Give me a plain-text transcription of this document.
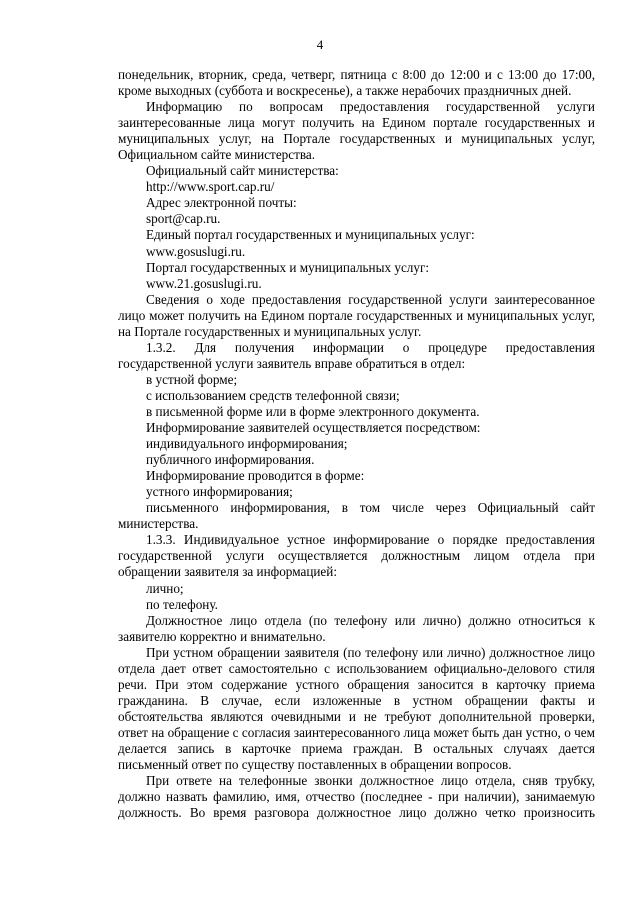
4

понедельник, вторник, среда, четверг, пятница с 8:00 до 12:00 и с 13:00 до 17:00, кроме выходных (суббота и воскресенье), а также нерабочих праздничных дней.

Информацию по вопросам предоставления государственной услуги заинтересованные лица могут получить на Едином портале государственных и муниципальных услуг, на Портале государственных и муниципальных услуг, Официальном сайте министерства.

Официальный сайт министерства:

http://www.sport.cap.ru/

Адрес электронной почты:

sport@cap.ru.

Единый портал государственных и муниципальных услуг:

www.gosuslugi.ru.

Портал государственных и муниципальных услуг:

www.21.gosuslugi.ru.

Сведения о ходе предоставления государственной услуги заинтересованное лицо может получить на Едином портале государственных и муниципальных услуг, на Портале государственных и муниципальных услуг.

1.3.2. Для получения информации о процедуре предоставления государственной услуги заявитель вправе обратиться в отдел:

в устной форме;

с использованием средств телефонной связи;

в письменной форме или в форме электронного документа.

Информирование заявителей осуществляется посредством:

индивидуального информирования;

публичного информирования.

Информирование проводится в форме:

устного информирования;

письменного информирования, в том числе через Официальный сайт министерства.

1.3.3. Индивидуальное устное информирование о порядке предоставления государственной услуги осуществляется должностным лицом отдела при обращении заявителя за информацией:

лично;

по телефону.

Должностное лицо отдела (по телефону или лично) должно относиться к заявителю корректно и внимательно.

При устном обращении заявителя (по телефону или лично) должностное лицо отдела дает ответ самостоятельно с использованием официально-делового стиля речи. При этом содержание устного обращения заносится в карточку приема гражданина. В случае, если изложенные в устном обращении факты и обстоятельства являются очевидными и не требуют дополнительной проверки, ответ на обращение с согласия заинтересованного лица может быть дан устно, о чем делается запись в карточке приема граждан. В остальных случаях дается письменный ответ по существу поставленных в обращении вопросов.

При ответе на телефонные звонки должностное лицо отдела, сняв трубку, должно назвать фамилию, имя, отчество (последнее - при наличии), занимаемую должность. Во время разговора должностное лицо должно четко произносить
